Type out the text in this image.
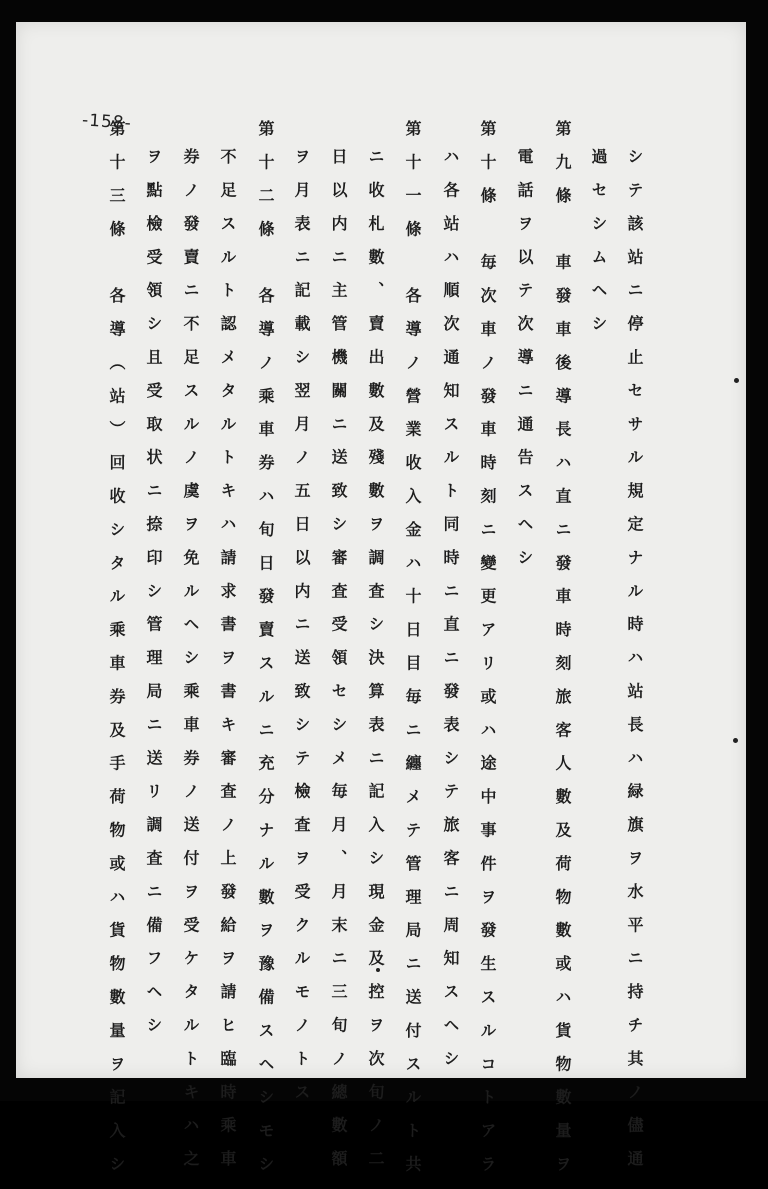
-158-
シテ該站ニ停止セサル規定ナル時ハ站長ハ緑旗ヲ水平ニ持チ其ノ儘通
過セシムヘシ
第九條　車發車後導長ハ直ニ發車時刻旅客人數及荷物數或ハ貨物數量ヲ
電話ヲ以テ次導ニ通告スヘシ
第十條　毎次車ノ發車時刻ニ變更アリ或ハ途中事件ヲ發生スルコトアラ
ハ各站ハ順次通知スルト同時ニ直ニ發表シテ旅客ニ周知スヘシ
第十一條　各導ノ營業收入金ハ十日目毎ニ纏メテ管理局ニ送付スルト共
ニ收札數、賣出數及殘數ヲ調査シ決算表ニ記入シ現金及控ヲ次旬ノ二
日以内ニ主管機關ニ送致シ審査受領セシメ毎月、月末ニ三旬ノ總數額
ヲ月表ニ記載シ翌月ノ五日以内ニ送致シテ檢査ヲ受クルモノトス
第十二條　各導ノ乘車券ハ旬日發賣スルニ充分ナル數ヲ豫備スヘシモシ
不足スルト認メタルトキハ請求書ヲ書キ審査ノ上發給ヲ請ヒ臨時乘車
券ノ發賣ニ不足スルノ虞ヲ免ルヘシ乘車券ノ送付ヲ受ケタルトキハ之
ヲ點檢受領シ且受取状ニ捺印シ管理局ニ送リ調査ニ備フヘシ
第十三條　各導（站）回收シタル乘車券及手荷物或ハ貨物數量ヲ記入シ
